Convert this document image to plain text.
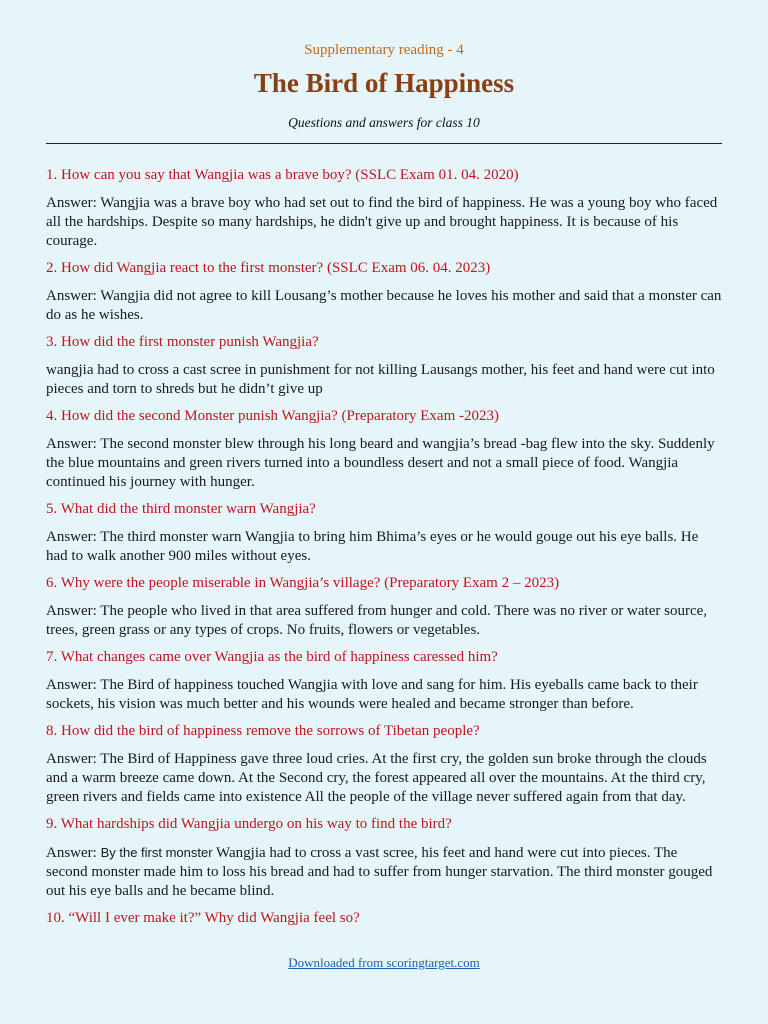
Supplementary reading - 4
The Bird of Happiness
Questions and answers for class 10

1. How can you say that Wangjia was a brave boy? (SSLC Exam 01. 04. 2020)

Answer: Wangjia was a brave boy who had set out to find the bird of happiness. He was a young boy who faced all the hardships. Despite so many hardships, he didn't give up and brought happiness. It is because of his courage.

2. How did Wangjia react to the first monster? (SSLC Exam 06. 04. 2023)

Answer: Wangjia did not agree to kill Lousang’s mother because he loves his mother and said that a monster can do as he wishes.

3. How did the first monster punish Wangjia?

wangjia had to cross a cast scree in punishment for not killing Lausangs mother, his feet and hand were cut into pieces and torn to shreds but he didn’t give up

4. How did the second Monster punish Wangjia? (Preparatory Exam -2023)

Answer: The second monster blew through his long beard and wangjia’s bread -bag flew into the sky. Suddenly the blue mountains and green rivers turned into a boundless desert and not a small piece of food. Wangjia continued his journey with hunger.

5. What did the third monster warn Wangjia?

Answer: The third monster warn Wangjia to bring him Bhima’s eyes or he would gouge out his eye balls. He had to walk another 900 miles without eyes.

6. Why were the people miserable in Wangjia’s village? (Preparatory Exam 2 – 2023)

Answer: The people who lived in that area suffered from hunger and cold. There was no river or water source, trees, green grass or any types of crops. No fruits, flowers or vegetables.

7. What changes came over Wangjia as the bird of happiness caressed him?

Answer: The Bird of happiness touched Wangjia with love and sang for him. His eyeballs came back to their sockets, his vision was much better and his wounds were healed and became stronger than before.

8. How did the bird of happiness remove the sorrows of Tibetan people?

Answer: The Bird of Happiness gave three loud cries. At the first cry, the golden sun broke through the clouds and a warm breeze came down. At the Second cry, the forest appeared all over the mountains. At the third cry, green rivers and fields came into existence All the people of the village never suffered again from that day.

9. What hardships did Wangjia undergo on his way to find the bird?

Answer: By the first monster Wangjia had to cross a vast scree, his feet and hand were cut into pieces. The second monster made him to loss his bread and had to suffer from hunger starvation. The third monster gouged out his eye balls and he became blind.

10. “Will I ever make it?” Why did Wangjia feel so?

Downloaded from scoringtarget.com
